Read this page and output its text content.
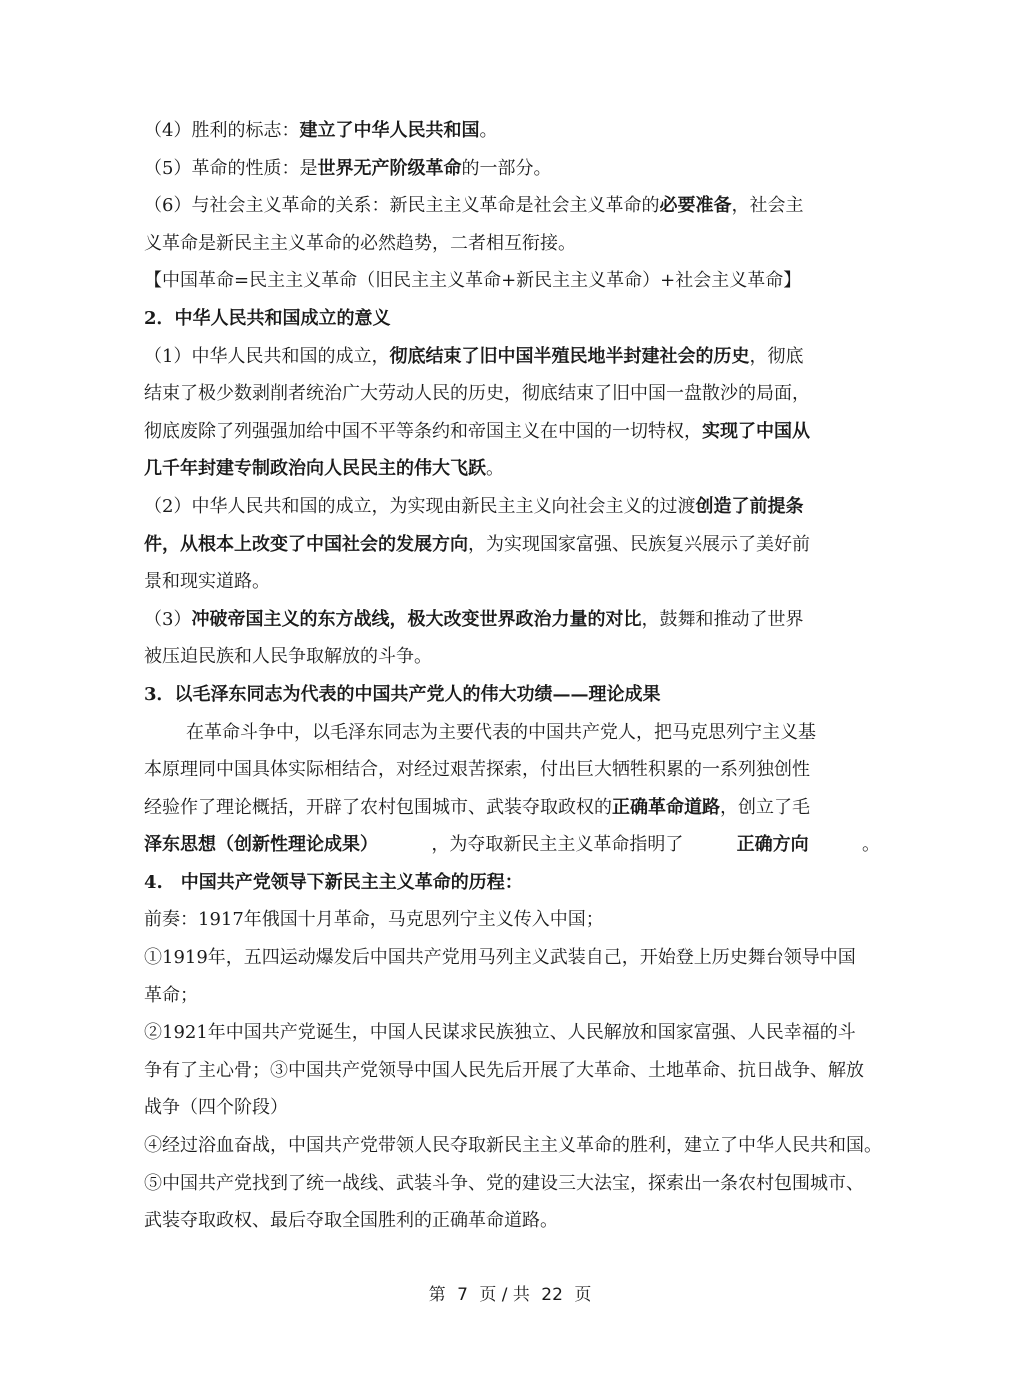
（4）胜利的标志：建立了中华人民共和国。

（5）革命的性质：是世界无产阶级革命的一部分。

（6）与社会主义革命的关系：新民主主义革命是社会主义革命的必要准备，社会主

义革命是新民主主义革命的必然趋势，二者相互衔接。

【中国革命=民主主义革命（旧民主主义革命+新民主主义革命）+社会主义革命】

2．中华人民共和国成立的意义

（1）中华人民共和国的成立，彻底结束了旧中国半殖民地半封建社会的历史，彻底

结束了极少数剥削者统治广大劳动人民的历史，彻底结束了旧中国一盘散沙的局面，

彻底废除了列强强加给中国不平等条约和帝国主义在中国的一切特权，实现了中国从

几千年封建专制政治向人民民主的伟大飞跃。

（2）中华人民共和国的成立，为实现由新民主主义向社会主义的过渡创造了前提条

件，从根本上改变了中国社会的发展方向，为实现国家富强、民族复兴展示了美好前

景和现实道路。

（3）冲破帝国主义的东方战线，极大改变世界政治力量的对比，鼓舞和推动了世界

被压迫民族和人民争取解放的斗争。

3．以毛泽东同志为代表的中国共产党人的伟大功绩——理论成果

在革命斗争中，以毛泽东同志为主要代表的中国共产党人，把马克思列宁主义基

本原理同中国具体实际相结合，对经过艰苦探索，付出巨大牺牲积累的一系列独创性

经验作了理论概括，开辟了农村包围城市、武装夺取政权的正确革命道路，创立了毛

泽东思想（创新性理论成果）	，为夺取新民主主义革命指明了	正确方向	。

4.　中国共产党领导下新民主主义革命的历程：

前奏：1917年俄国十月革命，马克思列宁主义传入中国；

①1919年，五四运动爆发后中国共产党用马列主义武装自己，开始登上历史舞台领导中国

革命；

②1921年中国共产党诞生，中国人民谋求民族独立、人民解放和国家富强、人民幸福的斗

争有了主心骨；③中国共产党领导中国人民先后开展了大革命、土地革命、抗日战争、解放

战争（四个阶段）

④经过浴血奋战，中国共产党带领人民夺取新民主主义革命的胜利，建立了中华人民共和国。

⑤中国共产党找到了统一战线、武装斗争、党的建设三大法宝，探索出一条农村包围城市、

武装夺取政权、最后夺取全国胜利的正确革命道路。

第 7 页 / 共 22 页
